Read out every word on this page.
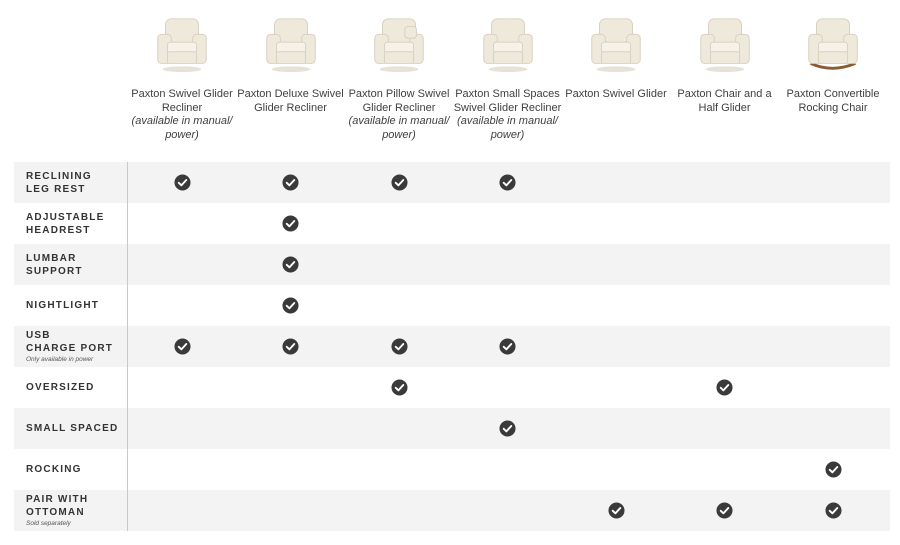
Paxton Swivel Glider Recliner
(available in manual/ power)
Paxton Deluxe Swivel Glider Recliner
Paxton Pillow Swivel Glider Recliner
(available in manual/ power)
Paxton Small Spaces Swivel Glider Recliner
(available in manual/ power)
Paxton Swivel Glider Paxton Chair and a Half Glider
Paxton Convertible Rocking Chair
RECLINING
LEG REST
ADJUSTABLE
HEADREST
LUMBAR
SUPPORT
NIGHTLIGHT
USB
CHARGE PORT
Only available in power
OVERSIZED
SMALL SPACED
ROCKING
PAIR WITH
OTTOMAN
Sold separately
